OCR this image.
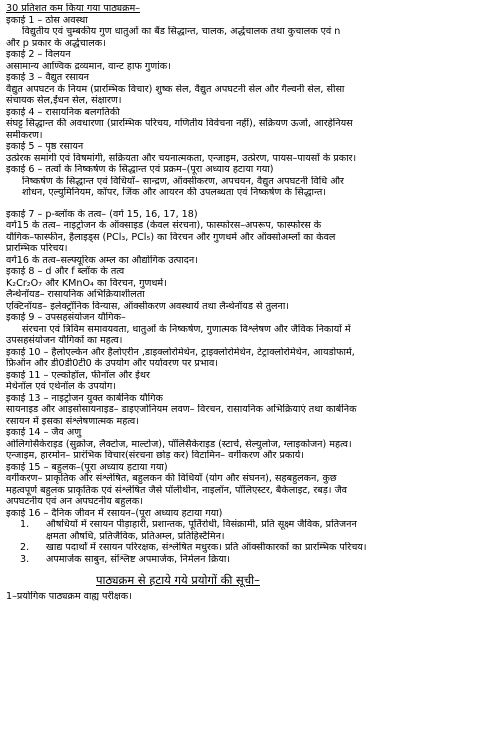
30 प्रतिशत कम किया गया पाठ्यक्रम–
इकाई 1 – ठोस अवस्था
विद्युतीय एवं चुम्बकीय गुण धातुओं का बैंड सिद्धान्त, चालक, अर्द्धचालक तथा कुचालक एवं n
और p प्रकार के अर्द्धचालक।
इकाई 2 – विलयन
असामान्य आण्विक द्रव्यमान, वान्ट हाफ गुणांक।
इकाई 3 – वैद्युत रसायन
वैद्युत अपघटन के नियम (प्रारम्भिक विचार) शुष्क सेल, वैद्युत अपघटनी सेल और गैल्वनी सेल, सीसा
संचायक सेल,ईंधन सेल, संक्षारण।
इकाई 4 – रासायनिक बलगतिकी
संघट्ट सिद्धान्त की अवधारणा (प्रारम्भिक परिचय, गणितीय विवेचना नहीं), सक्रियण ऊर्जा, आरहेनियस
समीकरण।
इकाई 5 – पृष्ठ रसायन
उत्प्रेरक समांगी एवं विषमांगी, सक्रियता और चयनात्मकता, एन्जाइम, उत्प्रेरण, पायस–पायसों के प्रकार।
इकाई 6 – तत्वों के निष्कर्षण के सिद्धान्त एवं प्रक्रम–(पूरा अध्याय हटाया गया)
निष्कर्षण के सिद्धान्त एवं विधियाँ– सान्द्रण, ऑक्सीकरण, अपचयन, वैद्युत अपघटनी विधि और
शोधन, एल्युमिनियम, कॉपर, जिंक और आयरन की उपलब्धता एवं निष्कर्षण के सिद्धान्त।
इकाई 7 – p-ब्लॉक के तत्व– (वर्ग 15, 16, 17, 18)
वर्ग15 के तत्व– नाइट्रोजन के ऑक्साइड (केवल संरचना), फास्फोरस–अपरूप, फास्फोरस के
यौगिक–फास्फीन, हैलाइड्स (PCl₃, PCl₅) का विरचन और गुणधर्म और ऑक्सोअम्लों का केवल
प्रारम्भिक परिचय।
वर्ग16 के तत्व–सल्फ्यूरिक अम्ल का औद्योगिक उत्पादन।
इकाई 8 – d और f ब्लॉक के तत्व
K₂Cr₂O₇ और KMnO₄ का विरचन, गुणधर्म।
लैन्थेनॉयड– रासायनिक अभिक्रियाशीलता
एक्टिनॉयड– इलेक्ट्रॉनिक विन्यास, ऑक्सीकरण अवस्थायें तथा लैन्थेनॉयड से तुलना।
इकाई 9 – उपसहसंयोजन यौगिक–
संरचना एवं त्रिविम समावयवता, धातुओं के निष्कर्षण, गुणात्मक विश्लेषण और जैविक निकायों में
उपसहसंयोजन यौगिकों का महत्व।
इकाई 10 – हैलोएल्केन और हैलोएरीन ,डाइक्लोरोमेथेन, ट्राइक्लोरोमेथेन, टेट्राक्लोरोमेथेन, आयडोफार्म,
फ्रिऑन और डी0डी0टी0 के उपयोग और पर्यावरण पर प्रभाव।
इकाई 11 – एल्कोहॉल, फीनॉल और ईथर
मेथेनॉल एवं एथेनॉल के उपयोग।
इकाई 13 – नाइट्रोजन युक्त कार्बनिक यौगिक
सायनाइड और आइसोसायनाइड– डाइएजोनियम लवण– विरचन, रासायनिक अभिक्रियाएं तथा कार्बनिक
रसायन में इसका संश्लेषणात्मक महत्व।
इकाई 14 – जैव अणु
ओलिगोसैकेराइड (सुक्रोज, लैक्टोज, माल्टोज), पॉलिसैकेराइड (स्टार्च, सेल्युलोज, ग्लाइकोजन) महत्व।
एन्जाइम, हारमोन– प्रारंभिक विचार(संरचना छोड़ कर) विटामिन– वर्गीकरण और प्रकार्य।
इकाई 15 – बहुलक–(पूरा अध्याय हटाया गया)
वर्गीकरण– प्राकृतिक और संश्लेषित, बहुलकन की विधियाँ (योग और संघनन), सहबहुलकन, कुछ
महत्वपूर्ण बहुलक प्राकृतिक एवं संश्लेषित जैसे पॉलीथीन, नाइलॉन, पॉलिएस्टर, बैकेलाइट, रबड़। जैव
अपघटनीय एवं अन अपघटनीय बहुलक।
इकाई 16 – दैनिक जीवन में रसायन–(पूरा अध्याय हटाया गया)
1. औषधियों में रसायन पीड़ाहारी, प्रशान्तक, पूर्तिरोधी, विसंक्रामी, प्रति सूक्ष्म जैविक, प्रतिजनन
क्षमता औषधि, प्रतिजैविक, प्रतिअम्ल, प्रतिहिस्टैमिन।
2. खाद्य पदार्थों में रसायन परिरक्षक, संश्लेषित मधुरक। प्रति ऑक्सीकारकों का प्रारम्भिक परिचय।
3. अपमार्जक साबुन, संश्लिष्ट अपमार्जक, निर्मलन क्रिया।
पाठ्यक्रम से हटाये गये प्रयोगों की सूची–
1–प्रयोगिक पाठ्यक्रम वाह्य परीक्षक।
